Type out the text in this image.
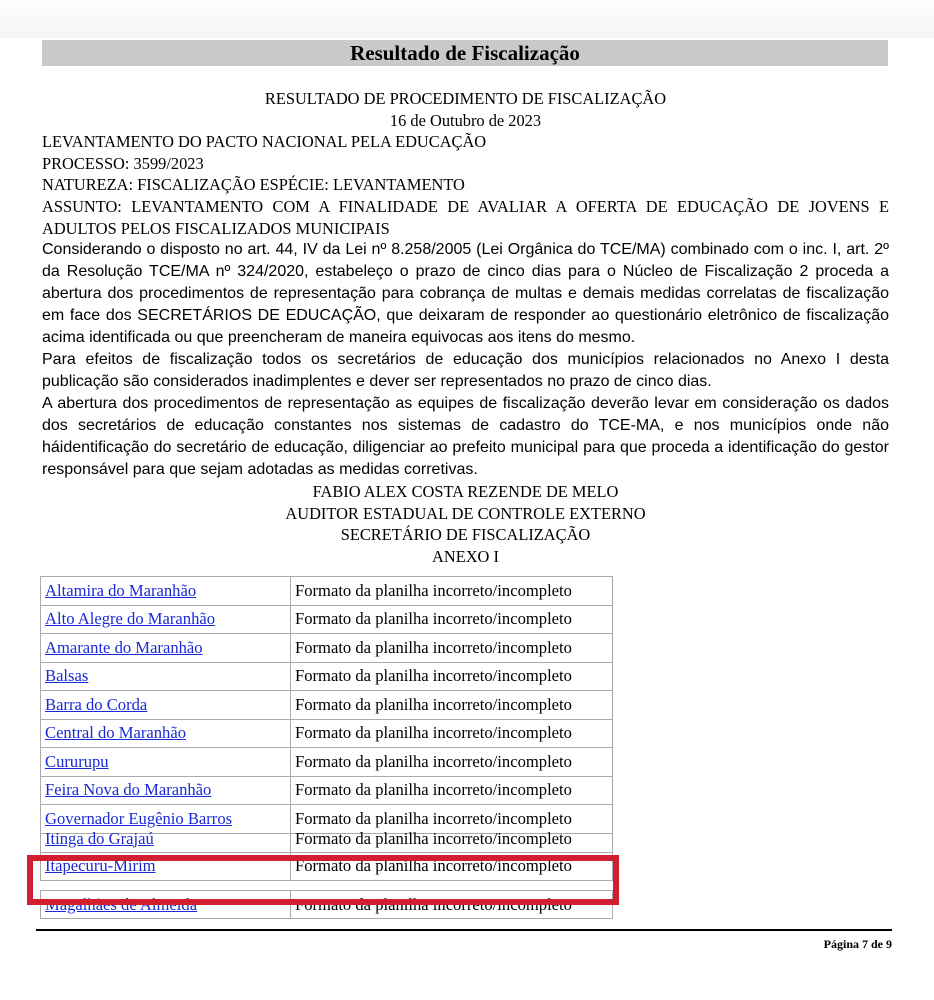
Resultado de Fiscalização
RESULTADO DE PROCEDIMENTO DE FISCALIZAÇÃO
16 de Outubro de 2023
LEVANTAMENTO DO PACTO NACIONAL PELA EDUCAÇÃO
PROCESSO: 3599/2023
NATUREZA: FISCALIZAÇÃO ESPÉCIE: LEVANTAMENTO
ASSUNTO: LEVANTAMENTO COM A FINALIDADE DE AVALIAR A OFERTA DE EDUCAÇÃO DE JOVENS E ADULTOS PELOS FISCALIZADOS MUNICIPAIS
Considerando o disposto no art. 44, IV da Lei nº 8.258/2005 (Lei Orgânica do TCE/MA) combinado com o inc. I, art. 2º da Resolução TCE/MA nº 324/2020, estabeleço o prazo de cinco dias para o Núcleo de Fiscalização 2 proceda a abertura dos procedimentos de representação para cobrança de multas e demais medidas correlatas de fiscalização em face dos SECRETÁRIOS DE EDUCAÇÃO, que deixaram de responder ao questionário eletrônico de fiscalização acima identificada ou que preencheram de maneira equivocas aos itens do mesmo.
Para efeitos de fiscalização todos os secretários de educação dos municípios relacionados no Anexo I desta publicação são considerados inadimplentes e dever ser representados no prazo de cinco dias.
A abertura dos procedimentos de representação as equipes de fiscalização deverão levar em consideração os dados dos secretários de educação constantes nos sistemas de cadastro do TCE-MA, e nos municípios onde não háidentificação do secretário de educação, diligenciar ao prefeito municipal para que proceda a identificação do gestor responsável para que sejam adotadas as medidas corretivas.
FABIO ALEX COSTA REZENDE DE MELO
AUDITOR ESTADUAL DE CONTROLE EXTERNO
SECRETÁRIO DE FISCALIZAÇÃO
ANEXO I
Altamira do Maranhão	Formato da planilha incorreto/incompleto
Alto Alegre do Maranhão	Formato da planilha incorreto/incompleto
Amarante do Maranhão	Formato da planilha incorreto/incompleto
Balsas	Formato da planilha incorreto/incompleto
Barra do Corda	Formato da planilha incorreto/incompleto
Central do Maranhão	Formato da planilha incorreto/incompleto
Cururupu	Formato da planilha incorreto/incompleto
Feira Nova do Maranhão	Formato da planilha incorreto/incompleto
Governador Eugênio Barros	Formato da planilha incorreto/incompleto
Itinga do Grajaú	Formato da planilha incorreto/incompleto
Itapecuru-Mirim	Formato da planilha incorreto/incompleto
Magalhães de Almeida	Formato da planilha incorreto/incompleto
Página 7 de 9
